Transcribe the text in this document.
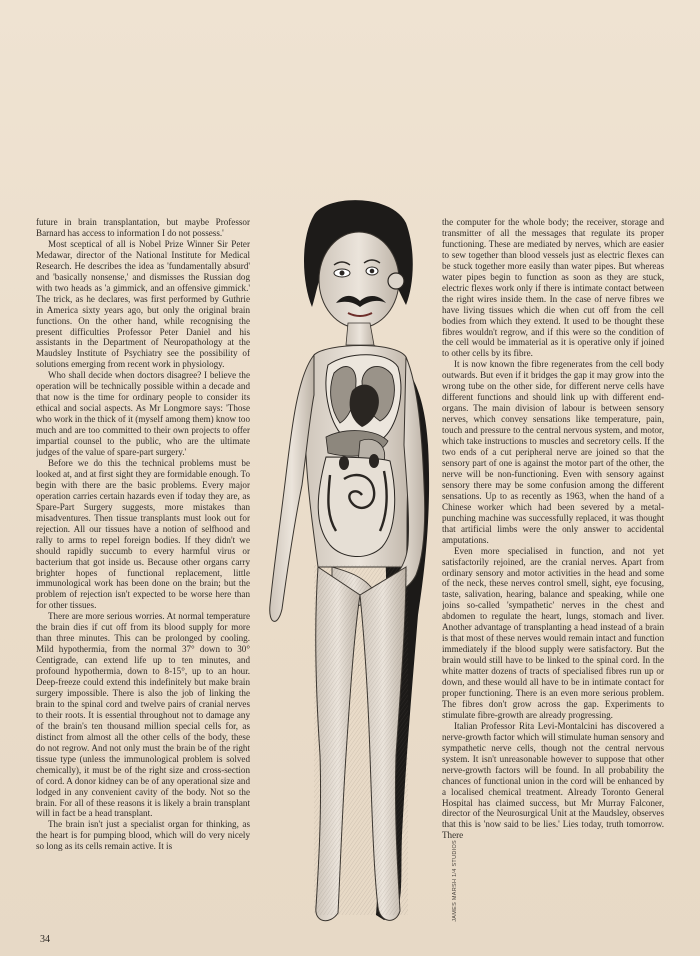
future in brain transplantation, but maybe Professor Barnard has access to information I do not possess.'

Most sceptical of all is Nobel Prize Winner Sir Peter Medawar, director of the National Institute for Medical Research. He describes the idea as 'fundamentally absurd' and 'basically nonsense,' and dismisses the Russian dog with two heads as 'a gimmick, and an offensive gimmick.' The trick, as he declares, was first performed by Guthrie in America sixty years ago, but only the original brain functions. On the other hand, while recognising the present difficulties Professor Peter Daniel and his assistants in the Department of Neuropathology at the Maudsley Institute of Psychiatry see the possibility of solutions emerging from recent work in physiology.

Who shall decide when doctors disagree? I believe the operation will be technically possible within a decade and that now is the time for ordinary people to consider its ethical and social aspects. As Mr Longmore says: 'Those who work in the thick of it (myself among them) know too much and are too committed to their own projects to offer impartial counsel to the public, who are the ultimate judges of the value of spare-part surgery.'

Before we do this the technical problems must be looked at, and at first sight they are formidable enough. To begin with there are the basic problems. Every major operation carries certain hazards even if today they are, as Spare-Part Surgery suggests, more mistakes than misadventures. Then tissue transplants must look out for rejection. All our tissues have a notion of selfhood and rally to arms to repel foreign bodies. If they didn't we should rapidly succumb to every harmful virus or bacterium that got inside us. Because other organs carry brighter hopes of functional replacement, little immunological work has been done on the brain; but the problem of rejection isn't expected to be worse here than for other tissues.

There are more serious worries. At normal temperature the brain dies if cut off from its blood supply for more than three minutes. This can be prolonged by cooling. Mild hypothermia, from the normal 37° down to 30° Centigrade, can extend life up to ten minutes, and profound hypothermia, down to 8-15°, up to an hour. Deep-freeze could extend this indefinitely but make brain surgery impossible. There is also the job of linking the brain to the spinal cord and twelve pairs of cranial nerves to their roots. It is essential throughout not to damage any of the brain's ten thousand million special cells for, as distinct from almost all the other cells of the body, these do not regrow. And not only must the brain be of the right tissue type (unless the immunological problem is solved chemically), it must be of the right size and cross-section of cord. A donor kidney can be of any operational size and lodged in any convenient cavity of the body. Not so the brain. For all of these reasons it is likely a brain transplant will in fact be a head transplant.

The brain isn't just a specialist organ for thinking, as the heart is for pumping blood, which will do very nicely so long as its cells remain active. It is	JAMES MARSH 1/4 STUDIOS

the computer for the whole body; the receiver, storage and transmitter of all the messages that regulate its proper functioning. These are mediated by nerves, which are easier to sew together than blood vessels just as electric flexes can be stuck together more easily than water pipes. But whereas water pipes begin to function as soon as they are stuck, electric flexes work only if there is intimate contact between the right wires inside them. In the case of nerve fibres we have living tissues which die when cut off from the cell bodies from which they extend. It used to be thought these fibres wouldn't regrow, and if this were so the condition of the cell would be immaterial as it is operative only if joined to other cells by its fibre.

It is now known the fibre regenerates from the cell body outwards. But even if it bridges the gap it may grow into the wrong tube on the other side, for different nerve cells have different functions and should link up with different end-organs. The main division of labour is between sensory nerves, which convey sensations like temperature, pain, touch and pressure to the central nervous system, and motor, which take instructions to muscles and secretory cells. If the two ends of a cut peripheral nerve are joined so that the sensory part of one is against the motor part of the other, the nerve will be non-functioning. Even with sensory against sensory there may be some confusion among the different sensations. Up to as recently as 1963, when the hand of a Chinese worker which had been severed by a metal-punching machine was successfully replaced, it was thought that artificial limbs were the only answer to accidental amputations.

Even more specialised in function, and not yet satisfactorily rejoined, are the cranial nerves. Apart from ordinary sensory and motor activities in the head and some of the neck, these nerves control smell, sight, eye focusing, taste, salivation, hearing, balance and speaking, while one joins so-called 'sympathetic' nerves in the chest and abdomen to regulate the heart, lungs, stomach and liver. Another advantage of transplanting a head instead of a brain is that most of these nerves would remain intact and function immediately if the blood supply were satisfactory. But the brain would still have to be linked to the spinal cord. In the white matter dozens of tracts of specialised fibres run up or down, and these would all have to be in intimate contact for proper functioning. There is an even more serious problem. The fibres don't grow across the gap. Experiments to stimulate fibre-growth are already progressing.

Italian Professor Rita Levi-Montalcini has discovered a nerve-growth factor which will stimulate human sensory and sympathetic nerve cells, though not the central nervous system. It isn't unreasonable however to suppose that other nerve-growth factors will be found. In all probability the chances of functional union in the cord will be enhanced by a localised chemical treatment. Already Toronto General Hospital has claimed success, but Mr Murray Falconer, director of the Neurosurgical Unit at the Maudsley, observes that this is 'now said to be lies.' Lies today, truth tomorrow. There

34
